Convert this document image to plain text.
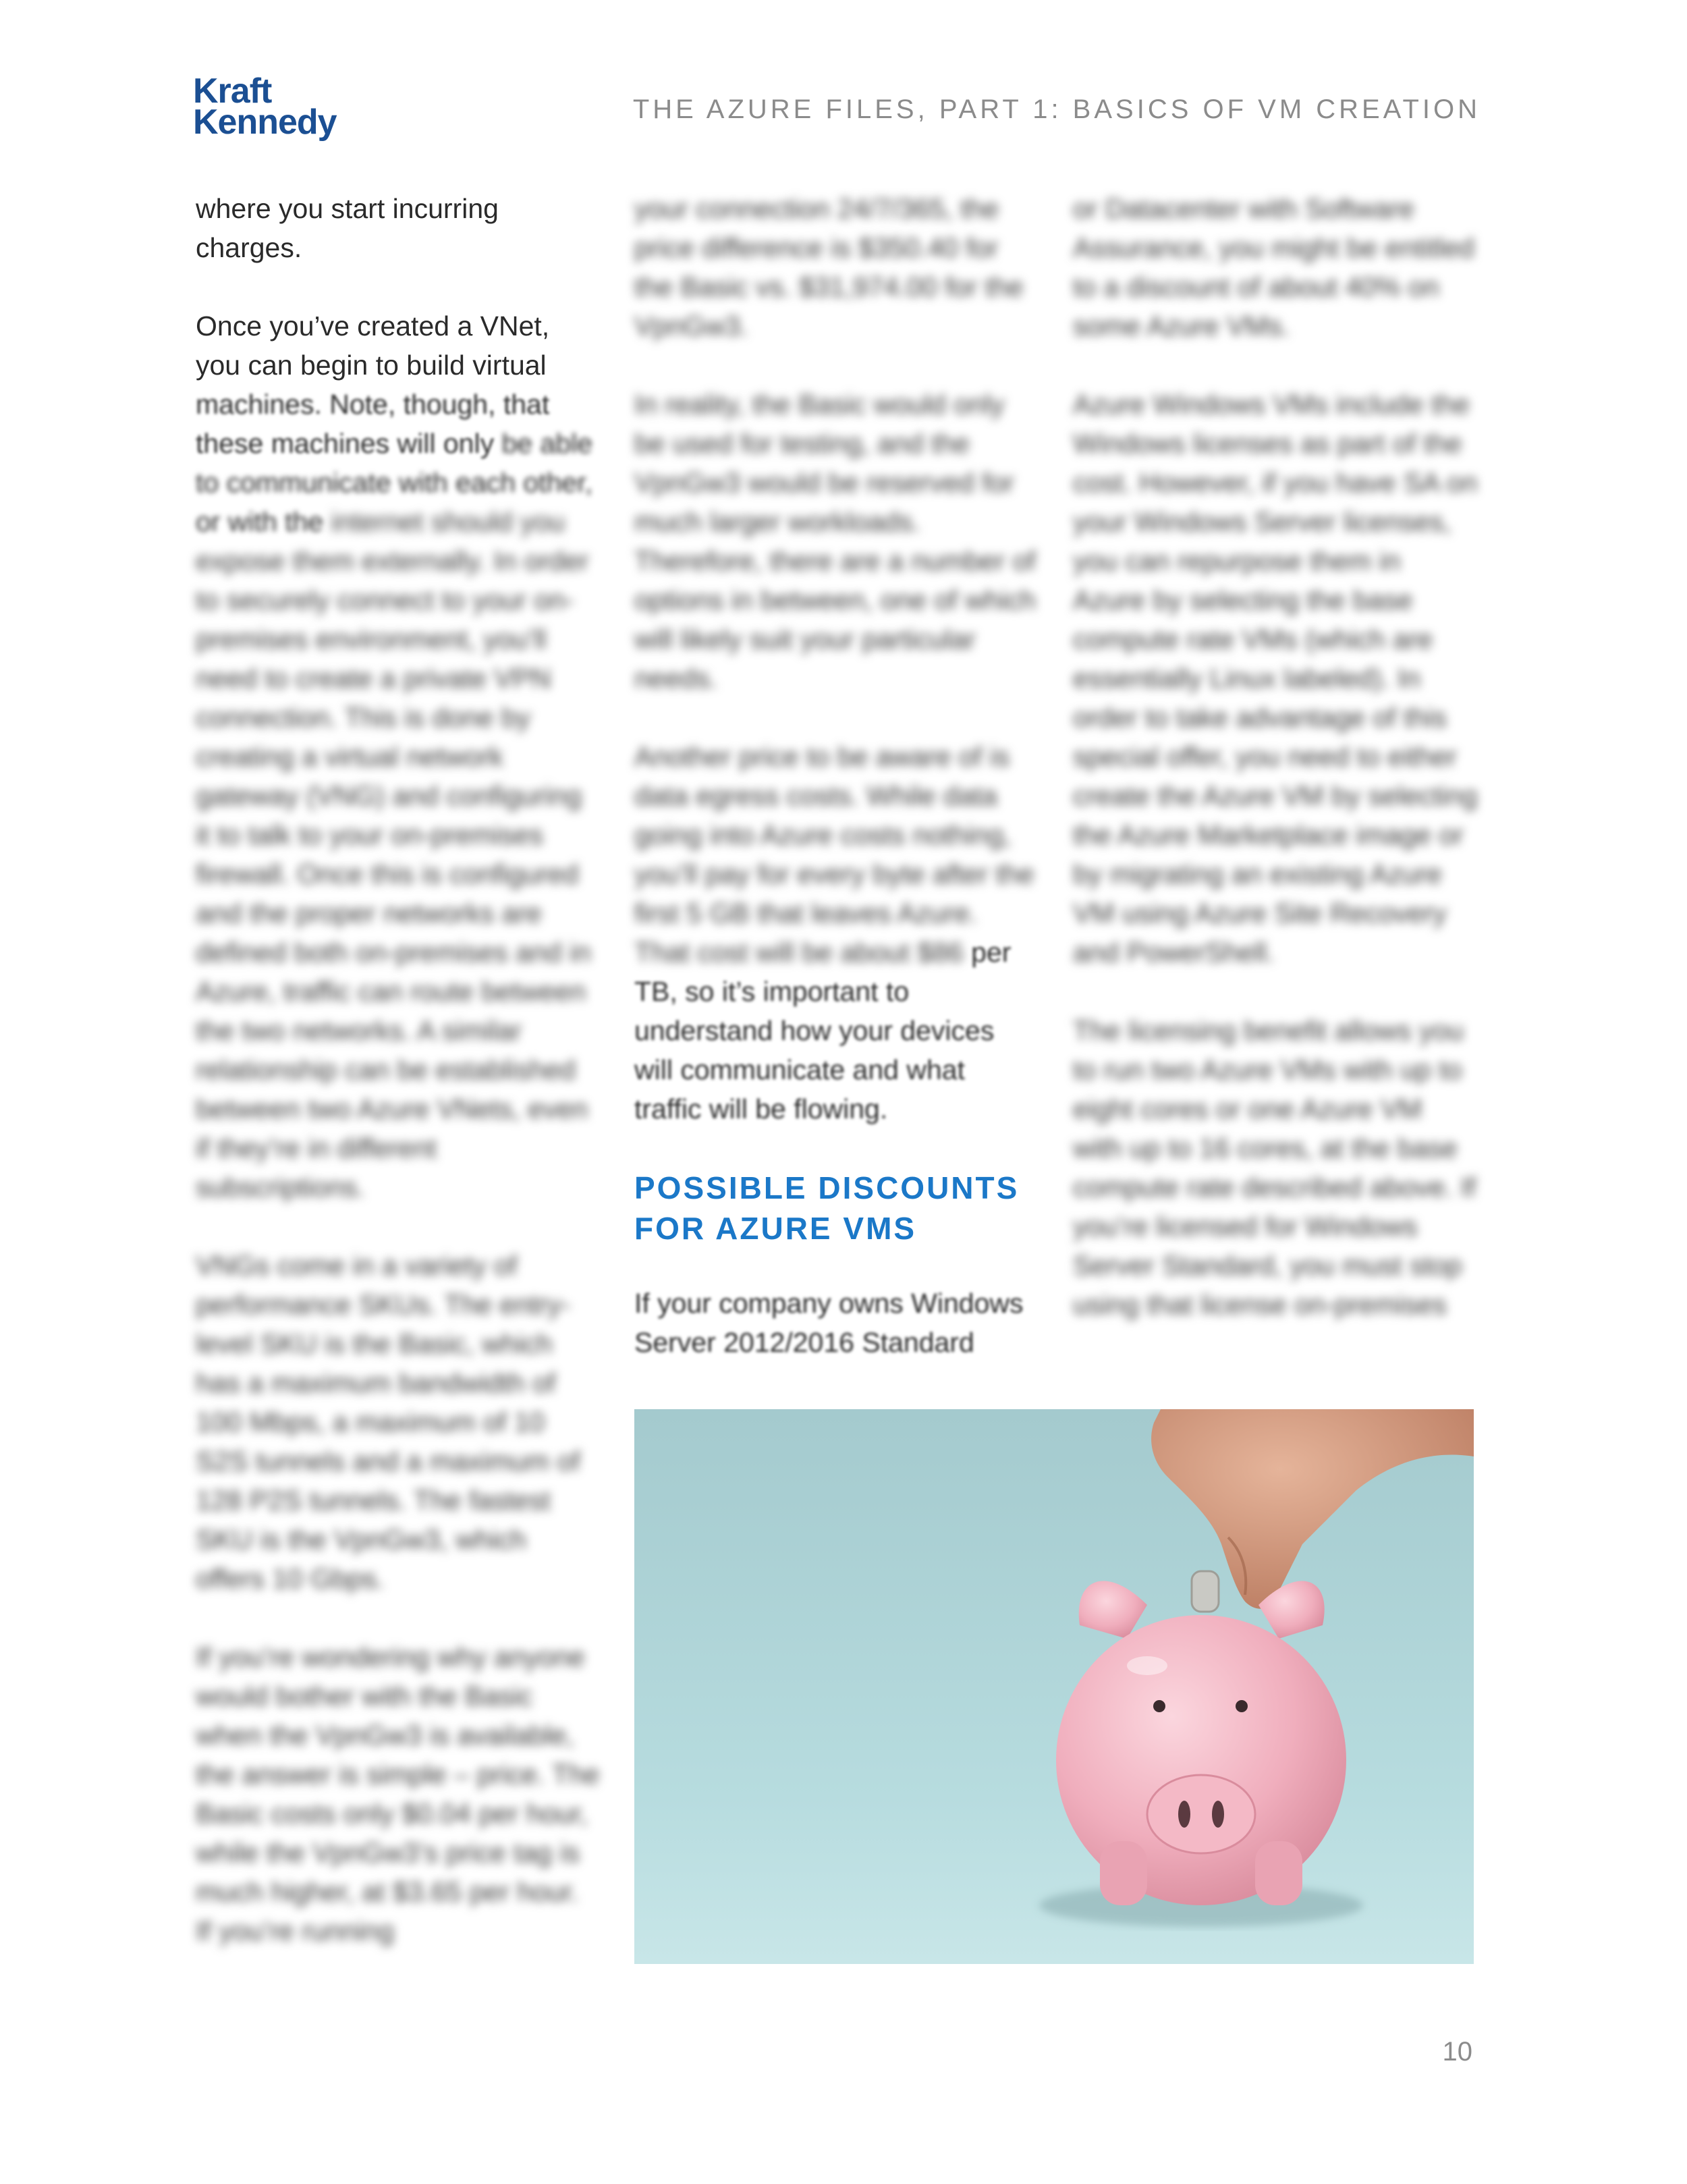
Kraft
Kennedy	THE AZURE FILES, PART 1: BASICS OF VM CREATION

where you start incurring charges.

Once you’ve created a VNet, you can begin to build virtual machines. Note, though, that these machines will only be able to communicate with each other, or with the internet should you expose them externally. In order to securely connect to your on-premises environment, you’ll need to create a private VPN connection. This is done by creating a virtual network gateway (VNG) and configuring it to talk to your on-premises firewall. Once this is configured and the proper networks are defined both on-premises and in Azure, traffic can route between the two networks. A similar relationship can be established between two Azure VNets, even if they’re in different subscriptions.

VNGs come in a variety of performance SKUs. The entry-level SKU is the Basic, which has a maximum bandwidth of 100 Mbps, a maximum of 10 S2S tunnels and a maximum of 128 P2S tunnels. The fastest SKU is the VpnGw3, which offers 10 Gbps.

If you’re wondering why anyone would bother with the Basic when the VpnGw3 is available, the answer is simple – price. The Basic costs only $0.04 per hour, while the VpnGw3’s price tag is much higher, at $3.65 per hour. If you’re running

your connection 24/7/365, the price difference is $350.40 for the Basic vs. $31,974.00 for the VpnGw3.

In reality, the Basic would only be used for testing, and the VpnGw3 would be reserved for much larger workloads. Therefore, there are a number of options in between, one of which will likely suit your particular needs.

Another price to be aware of is data egress costs. While data going into Azure costs nothing, you’ll pay for every byte after the first 5 GB that leaves Azure. That cost will be about $86 per TB, so it’s important to understand how your devices will communicate and what traffic will be flowing.

POSSIBLE DISCOUNTS FOR AZURE VMS

If your company owns Windows Server 2012/2016 Standard

or Datacenter with Software Assurance, you might be entitled to a discount of about 40% on some Azure VMs.

Azure Windows VMs include the Windows licenses as part of the cost. However, if you have SA on your Windows Server licenses, you can repurpose them in Azure by selecting the base compute rate VMs (which are essentially Linux labeled). In order to take advantage of this special offer, you need to either create the Azure VM by selecting the Azure Marketplace image or by migrating an existing Azure VM using Azure Site Recovery and PowerShell.

The licensing benefit allows you to run two Azure VMs with up to eight cores or one Azure VM with up to 16 cores, at the base compute rate described above. If you’re licensed for Windows Server Standard, you must stop using that license on-premises

10
